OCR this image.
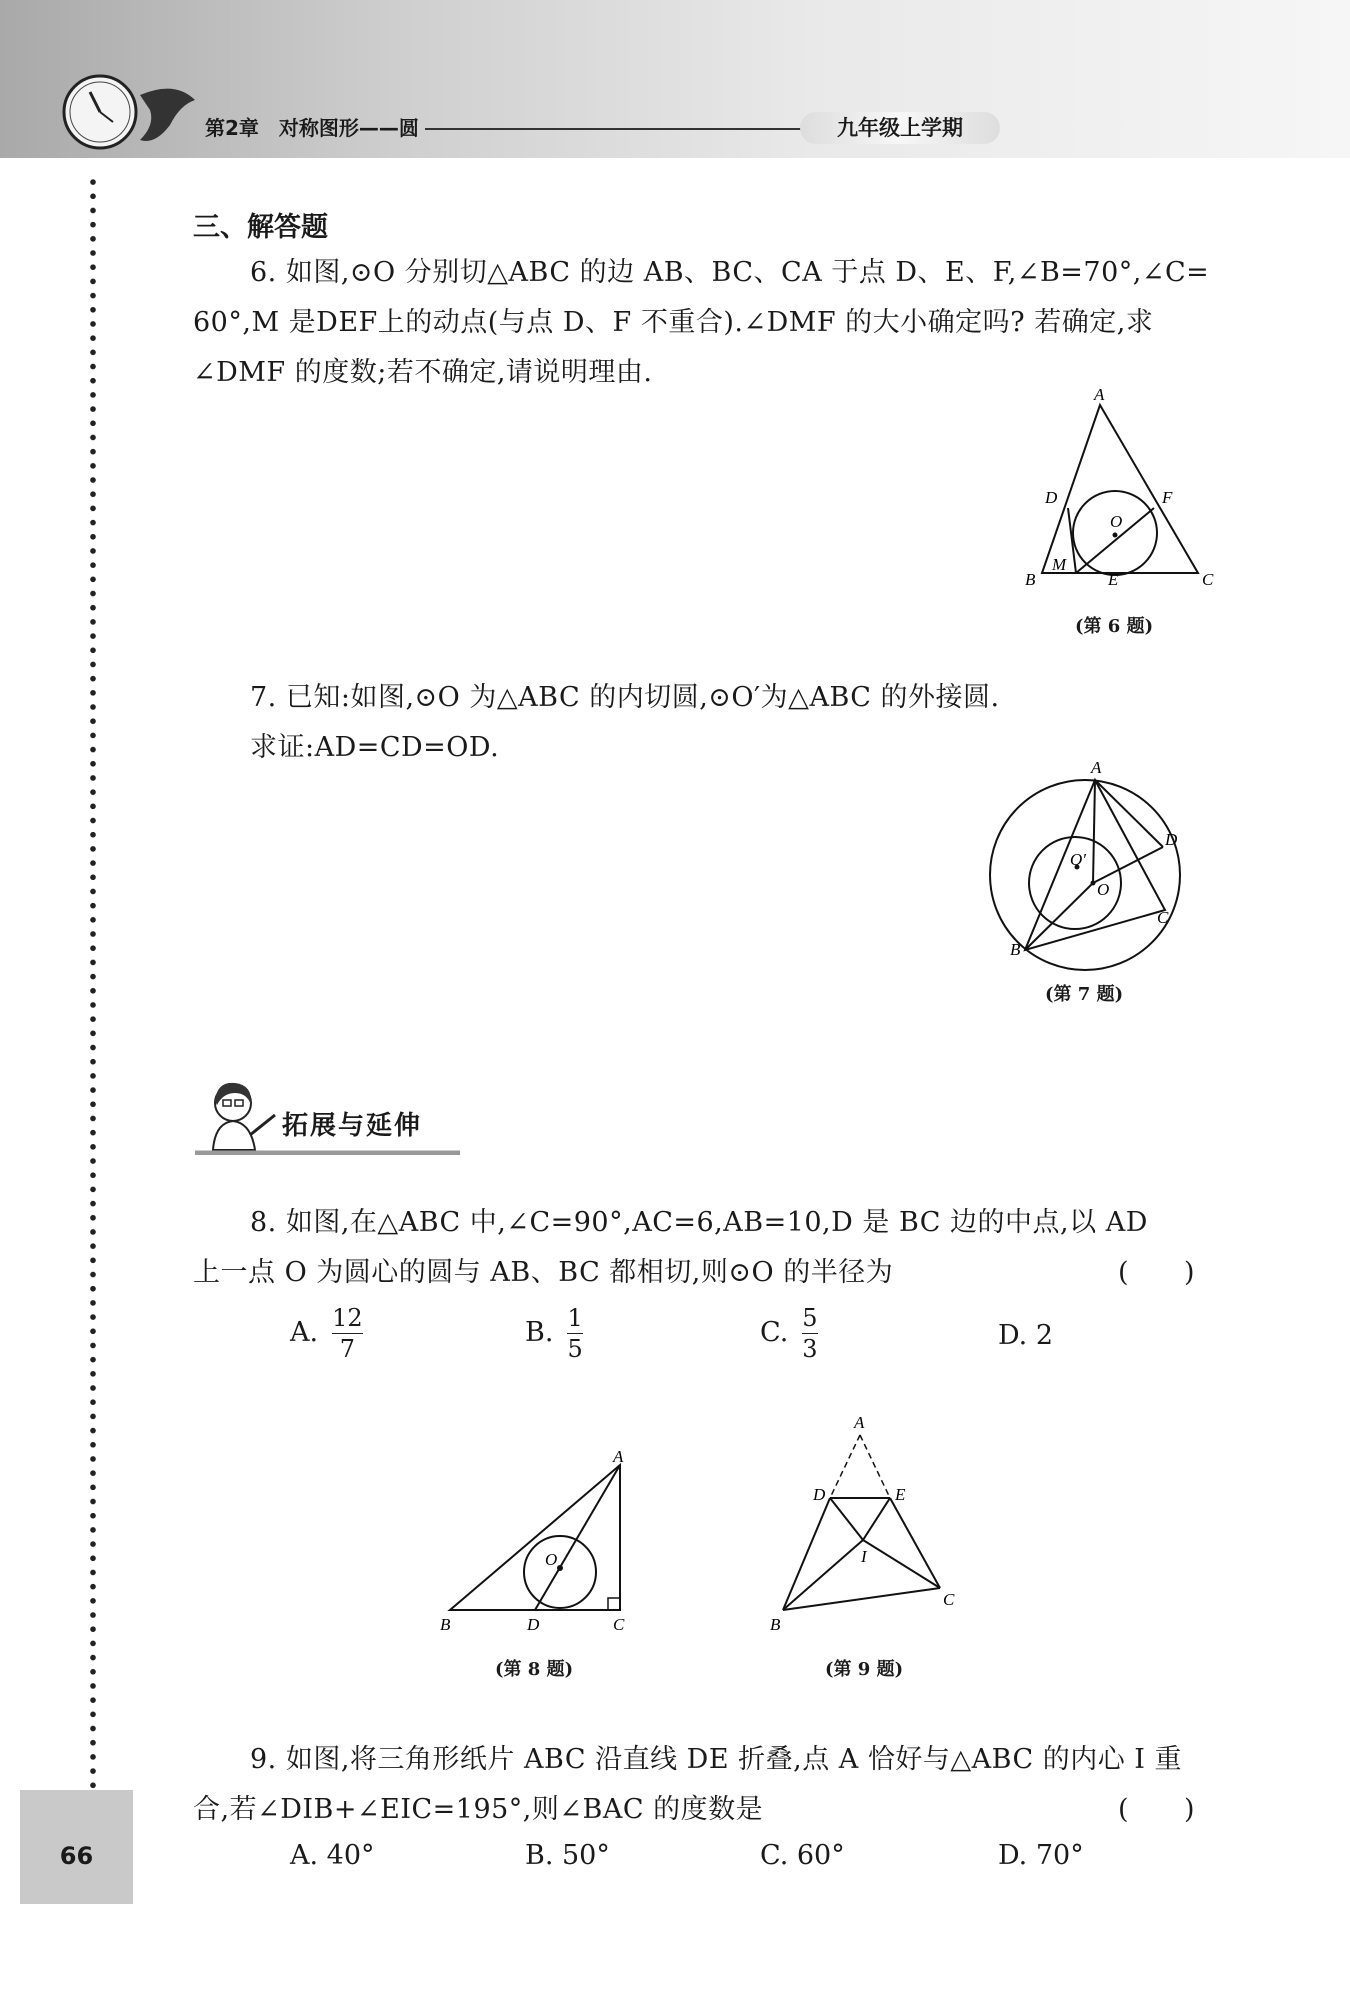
第2章　对称图形——圆	九年级上学期
66
三、解答题
6. 如图,⊙O 分别切△ABC 的边 AB、BC、CA 于点 D、E、F,∠B=70°,∠C=
60°,M 是DEF上的动点(与点 D、F 不重合).∠DMF 的大小确定吗? 若确定,求
∠DMF 的度数;若不确定,请说明理由.
A
B	C
D
E
F
O
M
(第 6 题)
7. 已知:如图,⊙O 为△ABC 的内切圆,⊙O′为△ABC 的外接圆.
求证:AD=CD=OD.
A
B
C
D
O
O′
(第 7 题)
拓展与延伸
8. 如图,在△ABC 中,∠C=90°,AC=6,AB=10,D 是 BC 边的中点,以 AD
上一点 O 为圆心的圆与 AB、BC 都相切,则⊙O 的半径为	(　　)
A. $\frac{12}{7}$	B. $\frac{1}{5}$	C. $\frac{5}{3}$	D. 2
A
B	C
D
O
(第 8 题)
A
D	E
I
B
C
(第 9 题)
9. 如图,将三角形纸片 ABC 沿直线 DE 折叠,点 A 恰好与△ABC 的内心 I 重
合,若∠DIB+∠EIC=195°,则∠BAC 的度数是	(　　)
A. 40°	B. 50°	C. 60°	D. 70°
